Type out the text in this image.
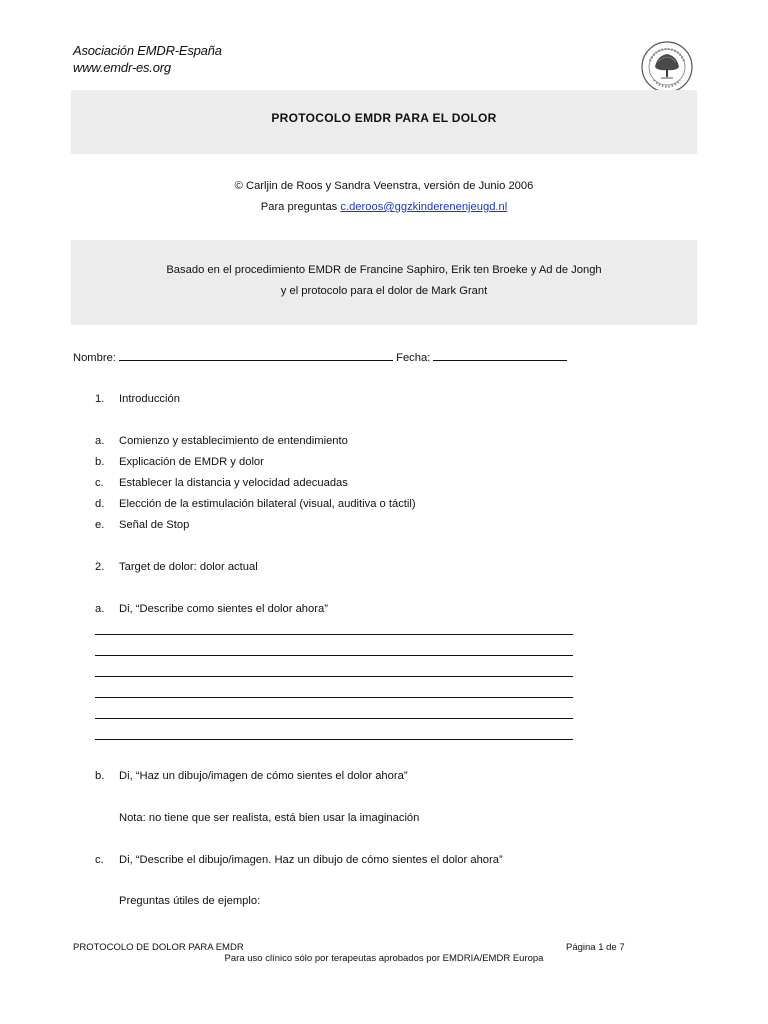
Asociación EMDR-España
www.emdr-es.org
PROTOCOLO EMDR PARA EL DOLOR
© Carljin de Roos y Sandra Veenstra, versión de Junio 2006
Para preguntas c.deroos@ggzkinderenenjeugd.nl
Basado en el procedimiento EMDR de Francine Saphiro, Erik ten Broeke y Ad de Jongh
y el protocolo para el dolor de Mark Grant
Nombre:	Fecha:
1. Introducción
a. Comienzo y establecimiento de entendimiento
b. Explicación de EMDR y dolor
c. Establecer la distancia y velocidad adecuadas
d. Elección de la estimulación bilateral (visual, auditiva o táctil)
e. Señal de Stop
2. Target de dolor: dolor actual
a. Di, “Describe como sientes el dolor ahora”
b. Di, “Haz un dibujo/imagen de cómo sientes el dolor ahora”
Nota: no tiene que ser realista, está bien usar la imaginación
c. Di, “Describe el dibujo/imagen. Haz un dibujo de cómo sientes el dolor ahora”
Preguntas útiles de ejemplo:
PROTOCOLO DE DOLOR PARA EMDR	Página 1 de 7
Para uso clínico sólo por terapeutas aprobados por EMDRIA/EMDR Europa
